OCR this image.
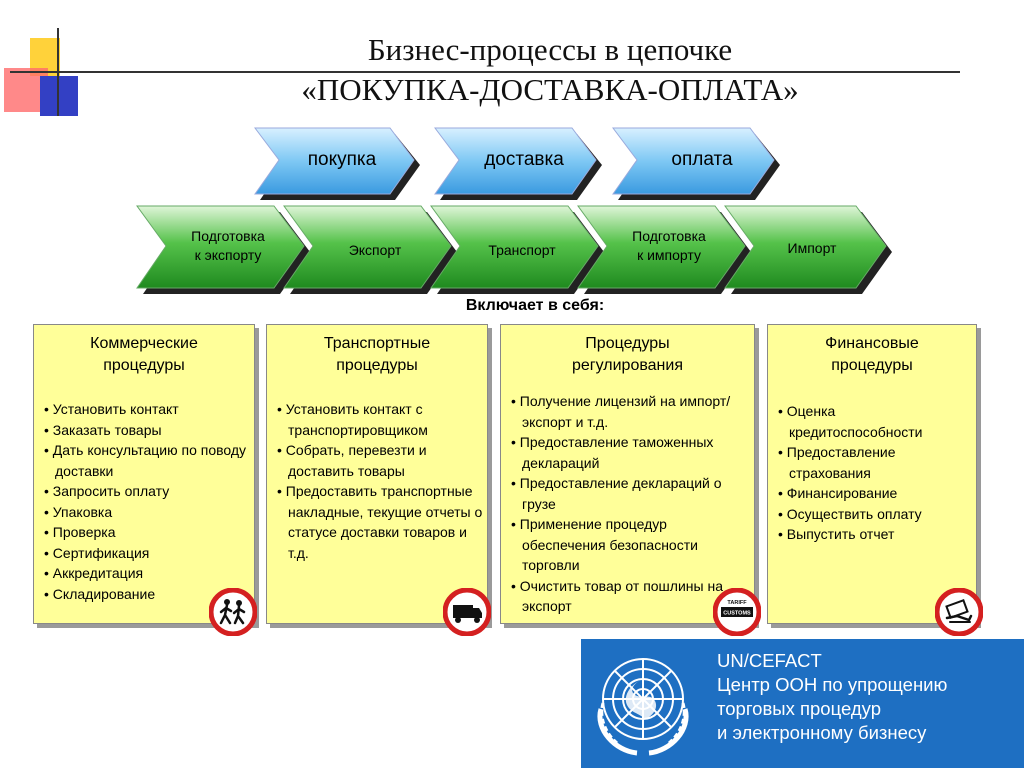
Бизнес-процессы в цепочке
«ПОКУПКА-ДОСТАВКА-ОПЛАТА»
покупка	доставка	оплата
Подготовка
к экспорту	Экспорт	Транспорт
Подготовка
к импорту	Импорт
Включает в себя:
Коммерческие
процедуры
• Установить контакт
• Заказать товары
• Дать консультацию по поводу доставки
• Запросить оплату
• Упаковка
• Проверка
• Сертификация
• Аккредитация
• Складирование
Транспортные
процедуры
• Установить контакт с транспортировщиком
• Собрать, перевезти и доставить товары
• Предоставить транспортные накладные, текущие отчеты о статусе доставки товаров и т.д.
Процедуры
регулирования
• Получение лицензий на импорт/экспорт и т.д.
• Предоставление таможенных деклараций
• Предоставление деклараций о грузе
• Применение процедур обеспечения безопасности торговли
• Очистить товар от пошлины на экспорт
Финансовые
процедуры
• Оценка кредитоспособности
• Предоставление страхования
• Финансирование
• Осуществить оплату
• Выпустить отчет
TARIFF
CUSTOMS
UN/CEFACT
Центр ООН по упрощению
торговых процедур
и электронному бизнесу
